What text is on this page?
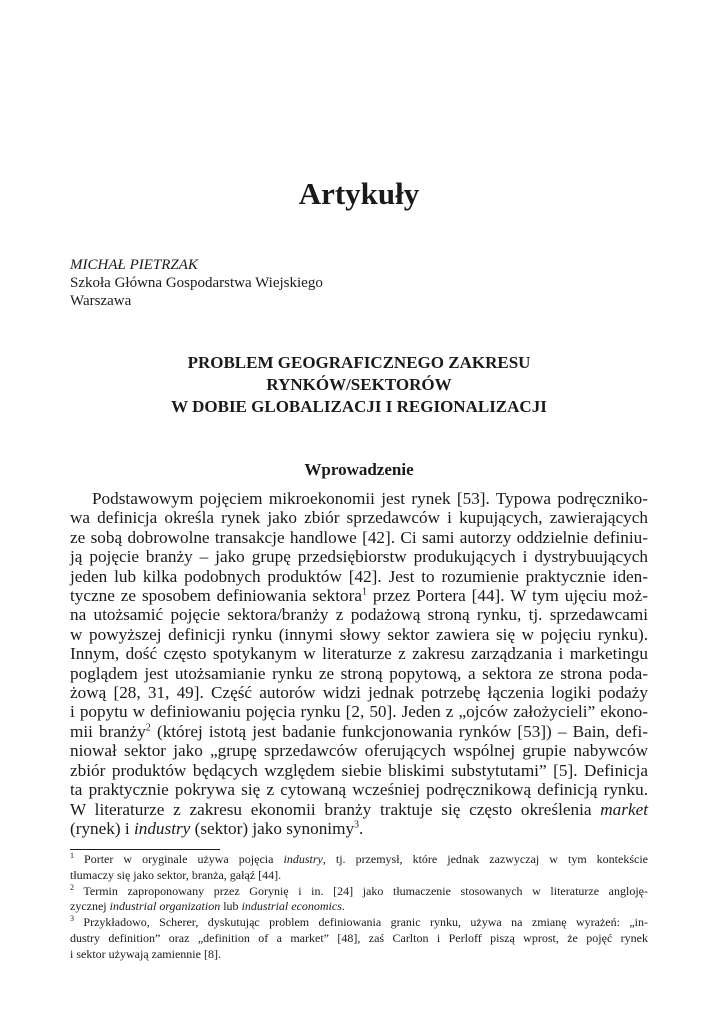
Artykuły
MICHAŁ PIETRZAK
Szkoła Główna Gospodarstwa Wiejskiego
Warszawa
PROBLEM GEOGRAFICZNEGO ZAKRESU
RYNKÓW/SEKTORÓW
W DOBIE GLOBALIZACJI I REGIONALIZACJI
Wprowadzenie
Podstawowym pojęciem mikroekonomii jest rynek [53]. Typowa podręczniko-
wa definicja określa rynek jako zbiór sprzedawców i kupujących, zawierających
ze sobą dobrowolne transakcje handlowe [42]. Ci sami autorzy oddzielnie definiu-
ją pojęcie branży – jako grupę przedsiębiorstw produkujących i dystrybuujących
jeden lub kilka podobnych produktów [42]. Jest to rozumienie praktycznie iden-
tyczne ze sposobem definiowania sektora$^1$ przez Portera [44]. W tym ujęciu moż-
na utożsamić pojęcie sektora/branży z podażową stroną rynku, tj. sprzedawcami
w powyższej definicji rynku (innymi słowy sektor zawiera się w pojęciu rynku).
Innym, dość często spotykanym w literaturze z zakresu zarządzania i marketingu
poglądem jest utożsamianie rynku ze stroną popytową, a sektora ze strona poda-
żową [28, 31, 49]. Część autorów widzi jednak potrzebę łączenia logiki podaży
i popytu w definiowaniu pojęcia rynku [2, 50]. Jeden z „ojców założycieli” ekono-
mii branży$^2$ (której istotą jest badanie funkcjonowania rynków [53]) – Bain, defi-
niował sektor jako „grupę sprzedawców oferujących wspólnej grupie nabywców
zbiór produktów będących względem siebie bliskimi substytutami” [5]. Definicja
ta praktycznie pokrywa się z cytowaną wcześniej podręcznikową definicją rynku.
W literaturze z zakresu ekonomii branży traktuje się często określenia market
(rynek) i industry (sektor) jako synonimy$^3$.
$^1$ Porter w oryginale używa pojęcia industry, tj. przemysł, które jednak zazwyczaj w tym kontekście
tłumaczy się jako sektor, branża, gałąź [44].
$^2$ Termin zaproponowany przez Gorynię i in. [24] jako tłumaczenie stosowanych w literaturze angloję-
zycznej industrial organization lub industrial economics.
$^3$ Przykładowo, Scherer, dyskutując problem definiowania granic rynku, używa na zmianę wyrażeń: „in-
dustry definition” oraz „definition of a market” [48], zaś Carlton i Perloff piszą wprost, że pojęć rynek
i sektor używają zamiennie [8].
